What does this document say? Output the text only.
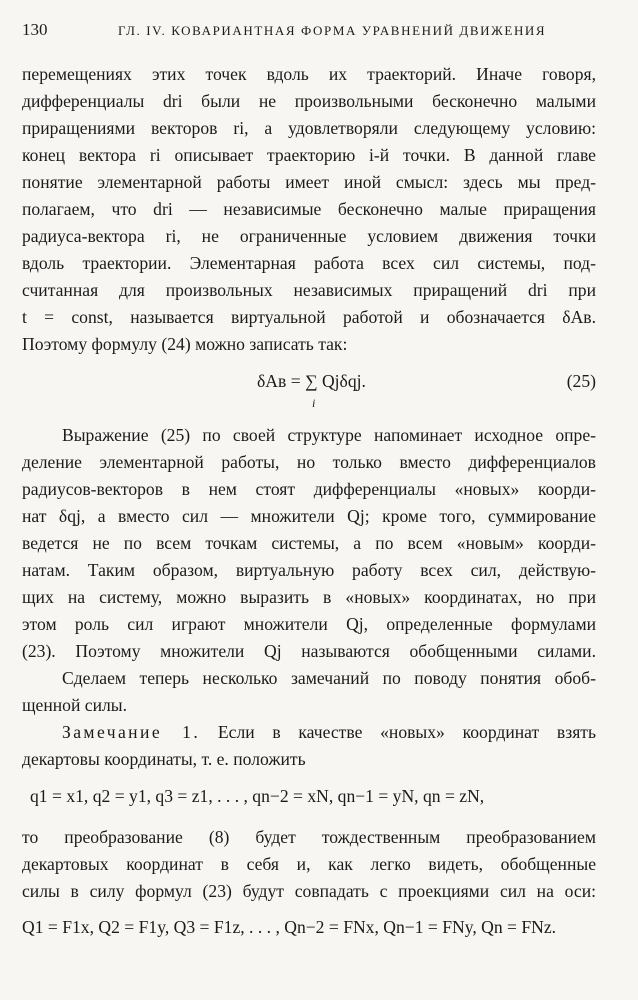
130	ГЛ. IV. КОВАРИАНТНАЯ ФОРМА УРАВНЕНИЙ ДВИЖЕНИЯ
перемещениях этих точек вдоль их траекторий. Иначе говоря,
дифференциалы dri были не произвольными бесконечно малыми
приращениями векторов ri, а удовлетворяли следующему условию:
конец вектора ri описывает траекторию i-й точки. В данной главе
понятие элементарной работы имеет иной смысл: здесь мы пред-
полагаем, что dri — независимые бесконечно малые приращения
радиуса-вектора ri, не ограниченные условием движения точки
вдоль траектории. Элементарная работа всех сил системы, под-
считанная для произвольных независимых приращений dri при
t = const, называется виртуальной работой и обозначается δAв.
Поэтому формулу (24) можно записать так:
δAв = ∑ Qjδqj.
i
(25)
Выражение (25) по своей структуре напоминает исходное опре-
деление элементарной работы, но только вместо дифференциалов
радиусов-векторов в нем стоят дифференциалы «новых» коорди-
нат δqj, а вместо сил — множители Qj; кроме того, суммирование
ведется не по всем точкам системы, а по всем «новым» коорди-
натам. Таким образом, виртуальную работу всех сил, действую-
щих на систему, можно выразить в «новых» координатах, но при
этом роль сил играют множители Qj, определенные формулами
(23). Поэтому множители Qj называются обобщенными силами.
Сделаем теперь несколько замечаний по поводу понятия обоб-
щенной силы.
Замечание 1. Если в качестве «новых» координат взять
декартовы координаты, т. е. положить
q1 = x1, q2 = y1, q3 = z1, . . . , qn−2 = xN, qn−1 = yN, qn = zN,
то преобразование (8) будет тождественным преобразованием
декартовых координат в себя и, как легко видеть, обобщенные
силы в силу формул (23) будут совпадать с проекциями сил на оси:
Q1 = F1x, Q2 = F1y, Q3 = F1z, . . . , Qn−2 = FNx, Qn−1 = FNy, Qn = FNz.
